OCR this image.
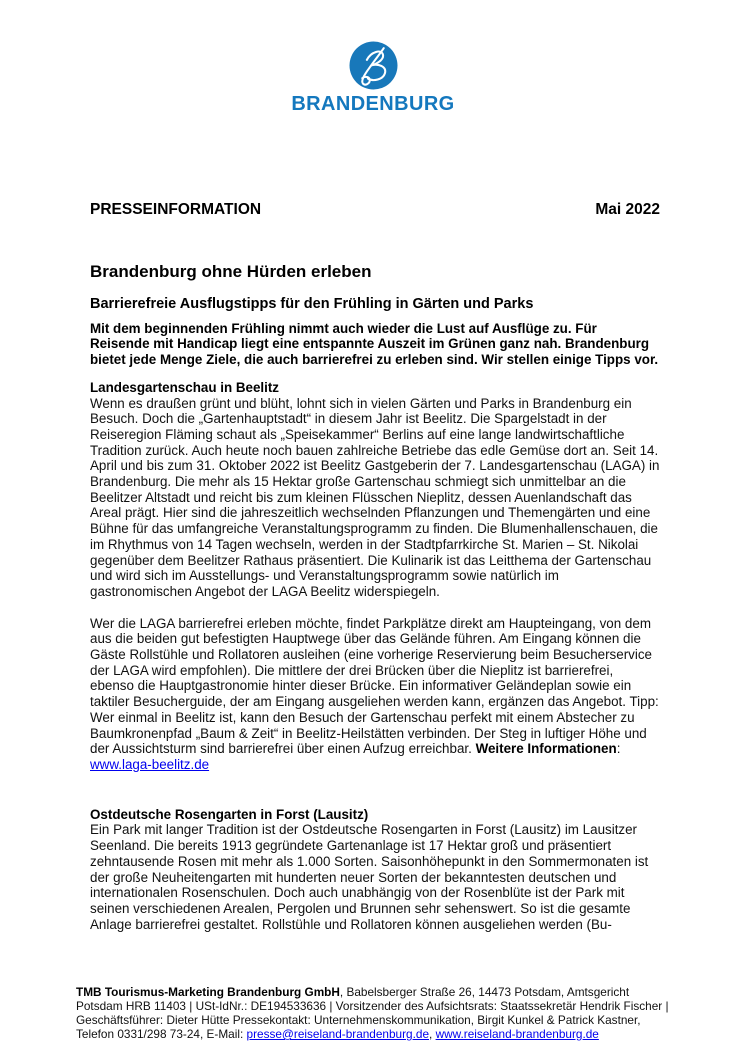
BRANDENBURG
PRESSEINFORMATION	Mai 2022
Brandenburg ohne Hürden erleben
Barrierefreie Ausflugstipps für den Frühling in Gärten und Parks

Mit dem beginnenden Frühling nimmt auch wieder die Lust auf Ausflüge zu. Für Reisende mit Handicap liegt eine entspannte Auszeit im Grünen ganz nah. Brandenburg bietet jede Menge Ziele, die auch barrierefrei zu erleben sind. Wir stellen einige Tipps vor.

Landesgartenschau in Beelitz

Wenn es draußen grünt und blüht, lohnt sich in vielen Gärten und Parks in Brandenburg ein Besuch. Doch die „Gartenhauptstadt“ in diesem Jahr ist Beelitz. Die Spargelstadt in der Reiseregion Fläming schaut als „Speisekammer“ Berlins auf eine lange landwirtschaftliche Tradition zurück. Auch heute noch bauen zahlreiche Betriebe das edle Gemüse dort an. Seit 14. April und bis zum 31. Oktober 2022 ist Beelitz Gastgeberin der 7. Landesgartenschau (LAGA) in Brandenburg. Die mehr als 15 Hektar große Gartenschau schmiegt sich unmittelbar an die Beelitzer Altstadt und reicht bis zum kleinen Flüsschen Nieplitz, dessen Auenlandschaft das Areal prägt. Hier sind die jahreszeitlich wechselnden Pflanzungen und Themengärten und eine Bühne für das umfangreiche Veranstaltungsprogramm zu finden. Die Blumenhallenschauen, die im Rhythmus von 14 Tagen wechseln, werden in der Stadtpfarrkirche St. Marien – St. Nikolai gegenüber dem Beelitzer Rathaus präsentiert. Die Kulinarik ist das Leitthema der Gartenschau und wird sich im Ausstellungs- und Veranstaltungsprogramm sowie natürlich im gastronomischen Angebot der LAGA Beelitz widerspiegeln.

Wer die LAGA barrierefrei erleben möchte, findet Parkplätze direkt am Haupteingang, von dem aus die beiden gut befestigten Hauptwege über das Gelände führen. Am Eingang können die Gäste Rollstühle und Rollatoren ausleihen (eine vorherige Reservierung beim Besucherservice der LAGA wird empfohlen). Die mittlere der drei Brücken über die Nieplitz ist barrierefrei, ebenso die Hauptgastronomie hinter dieser Brücke. Ein informativer Geländeplan sowie ein taktiler Besucherguide, der am Eingang ausgeliehen werden kann, ergänzen das Angebot. Tipp: Wer einmal in Beelitz ist, kann den Besuch der Gartenschau perfekt mit einem Abstecher zu Baumkronenpfad „Baum & Zeit“ in Beelitz-Heilstätten verbinden. Der Steg in luftiger Höhe und der Aussichtsturm sind barrierefrei über einen Aufzug erreichbar. Weitere Informationen: www.laga-beelitz.de

Ostdeutsche Rosengarten in Forst (Lausitz)

Ein Park mit langer Tradition ist der Ostdeutsche Rosengarten in Forst (Lausitz) im Lausitzer Seenland. Die bereits 1913 gegründete Gartenanlage ist 17 Hektar groß und präsentiert zehntausende Rosen mit mehr als 1.000 Sorten. Saisonhöhepunkt in den Sommermonaten ist der große Neuheitengarten mit hunderten neuer Sorten der bekanntesten deutschen und internationalen Rosenschulen. Doch auch unabhängig von der Rosenblüte ist der Park mit seinen verschiedenen Arealen, Pergolen und Brunnen sehr sehenswert. So ist die gesamte Anlage barrierefrei gestaltet. Rollstühle und Rollatoren können ausgeliehen werden (Bu-

TMB Tourismus-Marketing Brandenburg GmbH, Babelsberger Straße 26, 14473 Potsdam, Amtsgericht Potsdam HRB 11403 | USt-IdNr.: DE194533636 | Vorsitzender des Aufsichtsrats: Staatssekretär Hendrik Fischer | Geschäftsführer: Dieter Hütte Pressekontakt: Unternehmenskommunikation, Birgit Kunkel & Patrick Kastner, Telefon 0331/298 73-24, E-Mail: presse@reiseland-brandenburg.de, www.reiseland-brandenburg.de
